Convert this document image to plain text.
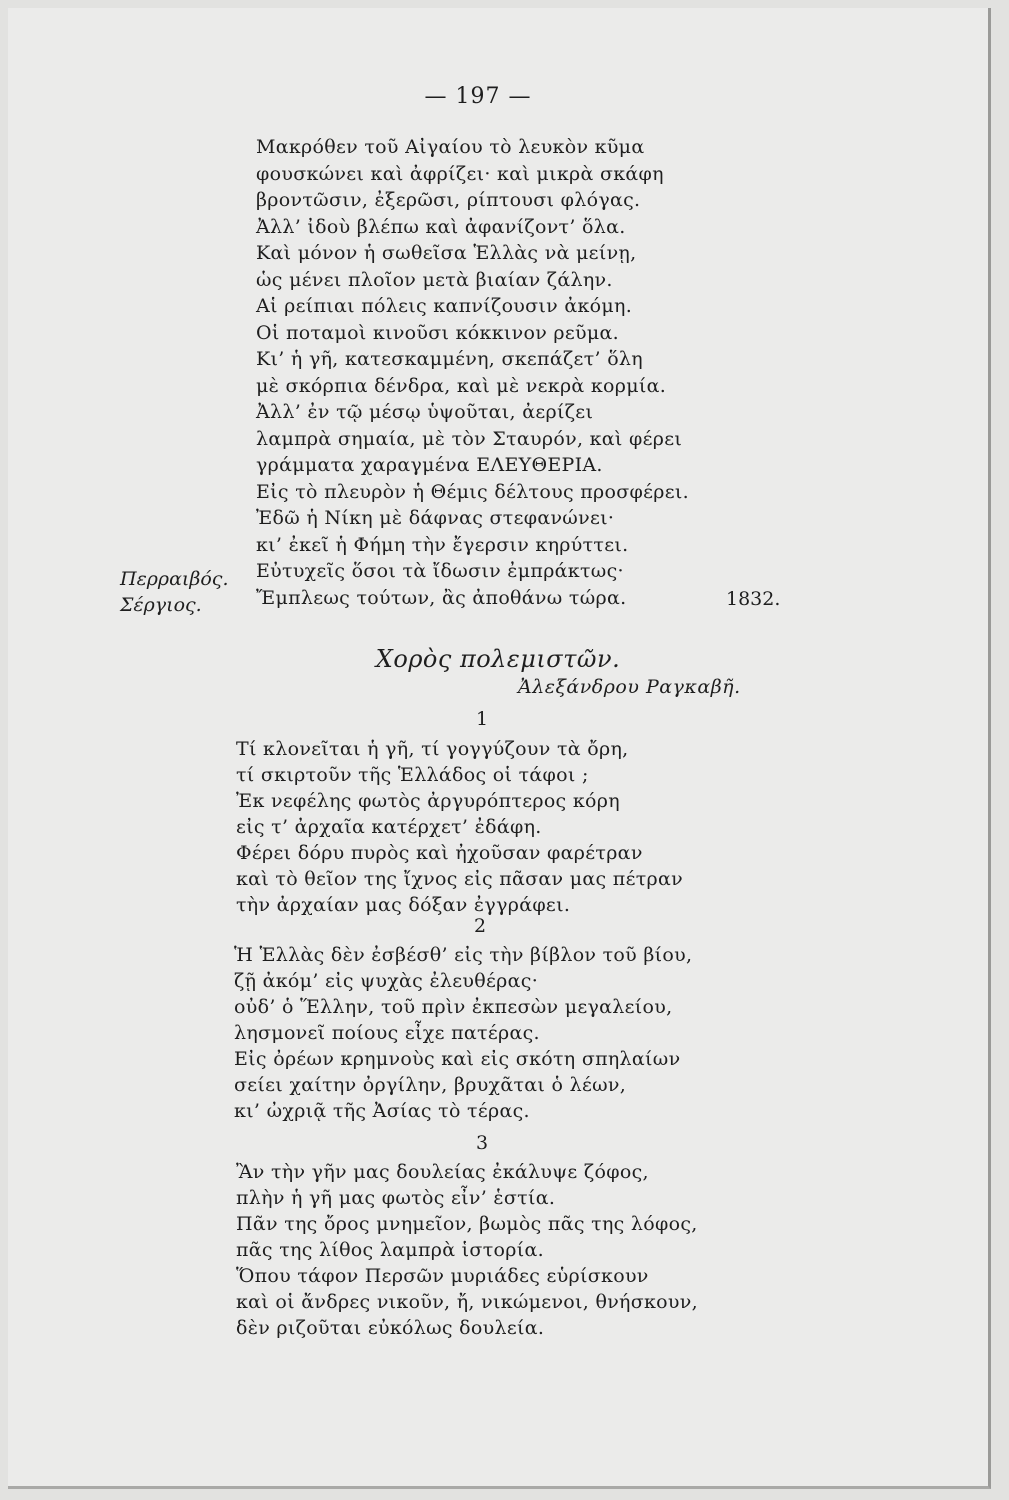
— 197 —
Μακρόθεν τοῦ Αἰγαίου τὸ λευκὸν κῦμα
φουσκώνει καὶ ἀφρίζει· καὶ μικρὰ σκάφη
βροντῶσιν, ἐξερῶσι, ρίπτουσι φλόγας.
Ἀλλ’ ἰδοὺ βλέπω καὶ ἀφανίζοντ’ ὅλα.
Καὶ μόνον ἡ σωθεῖσα Ἑλλὰς νὰ μείνῃ,
ὡς μένει πλοῖον μετὰ βιαίαν ζάλην.
Αἱ ρείπιαι πόλεις καπνίζουσιν ἀκόμη.
Οἱ ποταμοὶ κινοῦσι κόκκινον ρεῦμα.
Κι’ ἡ γῆ, κατεσκαμμένη, σκεπάζετ’ ὅλη
μὲ σκόρπια δένδρα, καὶ μὲ νεκρὰ κορμία.
Ἀλλ’ ἐν τῷ μέσῳ ὑψοῦται, ἀερίζει
λαμπρὰ σημαία, μὲ τὸν Σταυρόν, καὶ φέρει
γράμματα χαραγμένα ΕΛΕΥΘΕΡΙΑ.
Εἰς τὸ πλευρὸν ἡ Θέμις δέλτους προσφέρει.
Ἐδῶ ἡ Νίκη μὲ δάφνας στεφανώνει·
κι’ ἐκεῖ ἡ Φήμη τὴν ἔγερσιν κηρύττει.
Εὐτυχεῖς ὅσοι τὰ ἴδωσιν ἐμπράκτως·
Ἔμπλεως τούτων, ἂς ἀποθάνω τώρα.
Περραιβός.
Σέργιος.	1832.
Χορὸς πολεμιστῶν.
Ἀλεξάνδρου Ραγκαβῆ.
1
Τί κλονεῖται ἡ γῆ, τί γογγύζουν τὰ ὄρη,
τί σκιρτοῦν τῆς Ἑλλάδος οἱ τάφοι ;
Ἐκ νεφέλης φωτὸς ἀργυρόπτερος κόρη
εἰς τ’ ἀρχαῖα κατέρχετ’ ἐδάφη.
Φέρει δόρυ πυρὸς καὶ ἠχοῦσαν φαρέτραν
καὶ τὸ θεῖον της ἴχνος εἰς πᾶσαν μας πέτραν
τὴν ἀρχαίαν μας δόξαν ἐγγράφει.
2
Ἡ Ἑλλὰς δὲν ἐσβέσθ’ εἰς τὴν βίβλον τοῦ βίου,
ζῇ ἀκόμ’ εἰς ψυχὰς ἐλευθέρας·
οὐδ’ ὁ Ἕλλην, τοῦ πρὶν ἐκπεσὼν μεγαλείου,
λησμονεῖ ποίους εἶχε πατέρας.
Εἰς ὀρέων κρημνοὺς καὶ εἰς σκότη σπηλαίων
σείει χαίτην ὀργίλην, βρυχᾶται ὁ λέων,
κι’ ὠχριᾷ τῆς Ἀσίας τὸ τέρας.
3
Ἂν τὴν γῆν μας δουλείας ἐκάλυψε ζόφος,
πλὴν ἡ γῆ μας φωτὸς εἶν’ ἑστία.
Πᾶν της ὄρος μνημεῖον, βωμὸς πᾶς της λόφος,
πᾶς της λίθος λαμπρὰ ἱστορία.
Ὅπου τάφον Περσῶν μυριάδες εὑρίσκουν
καὶ οἱ ἄνδρες νικοῦν, ἤ, νικώμενοι, θνήσκουν,
δὲν ριζοῦται εὐκόλως δουλεία.
